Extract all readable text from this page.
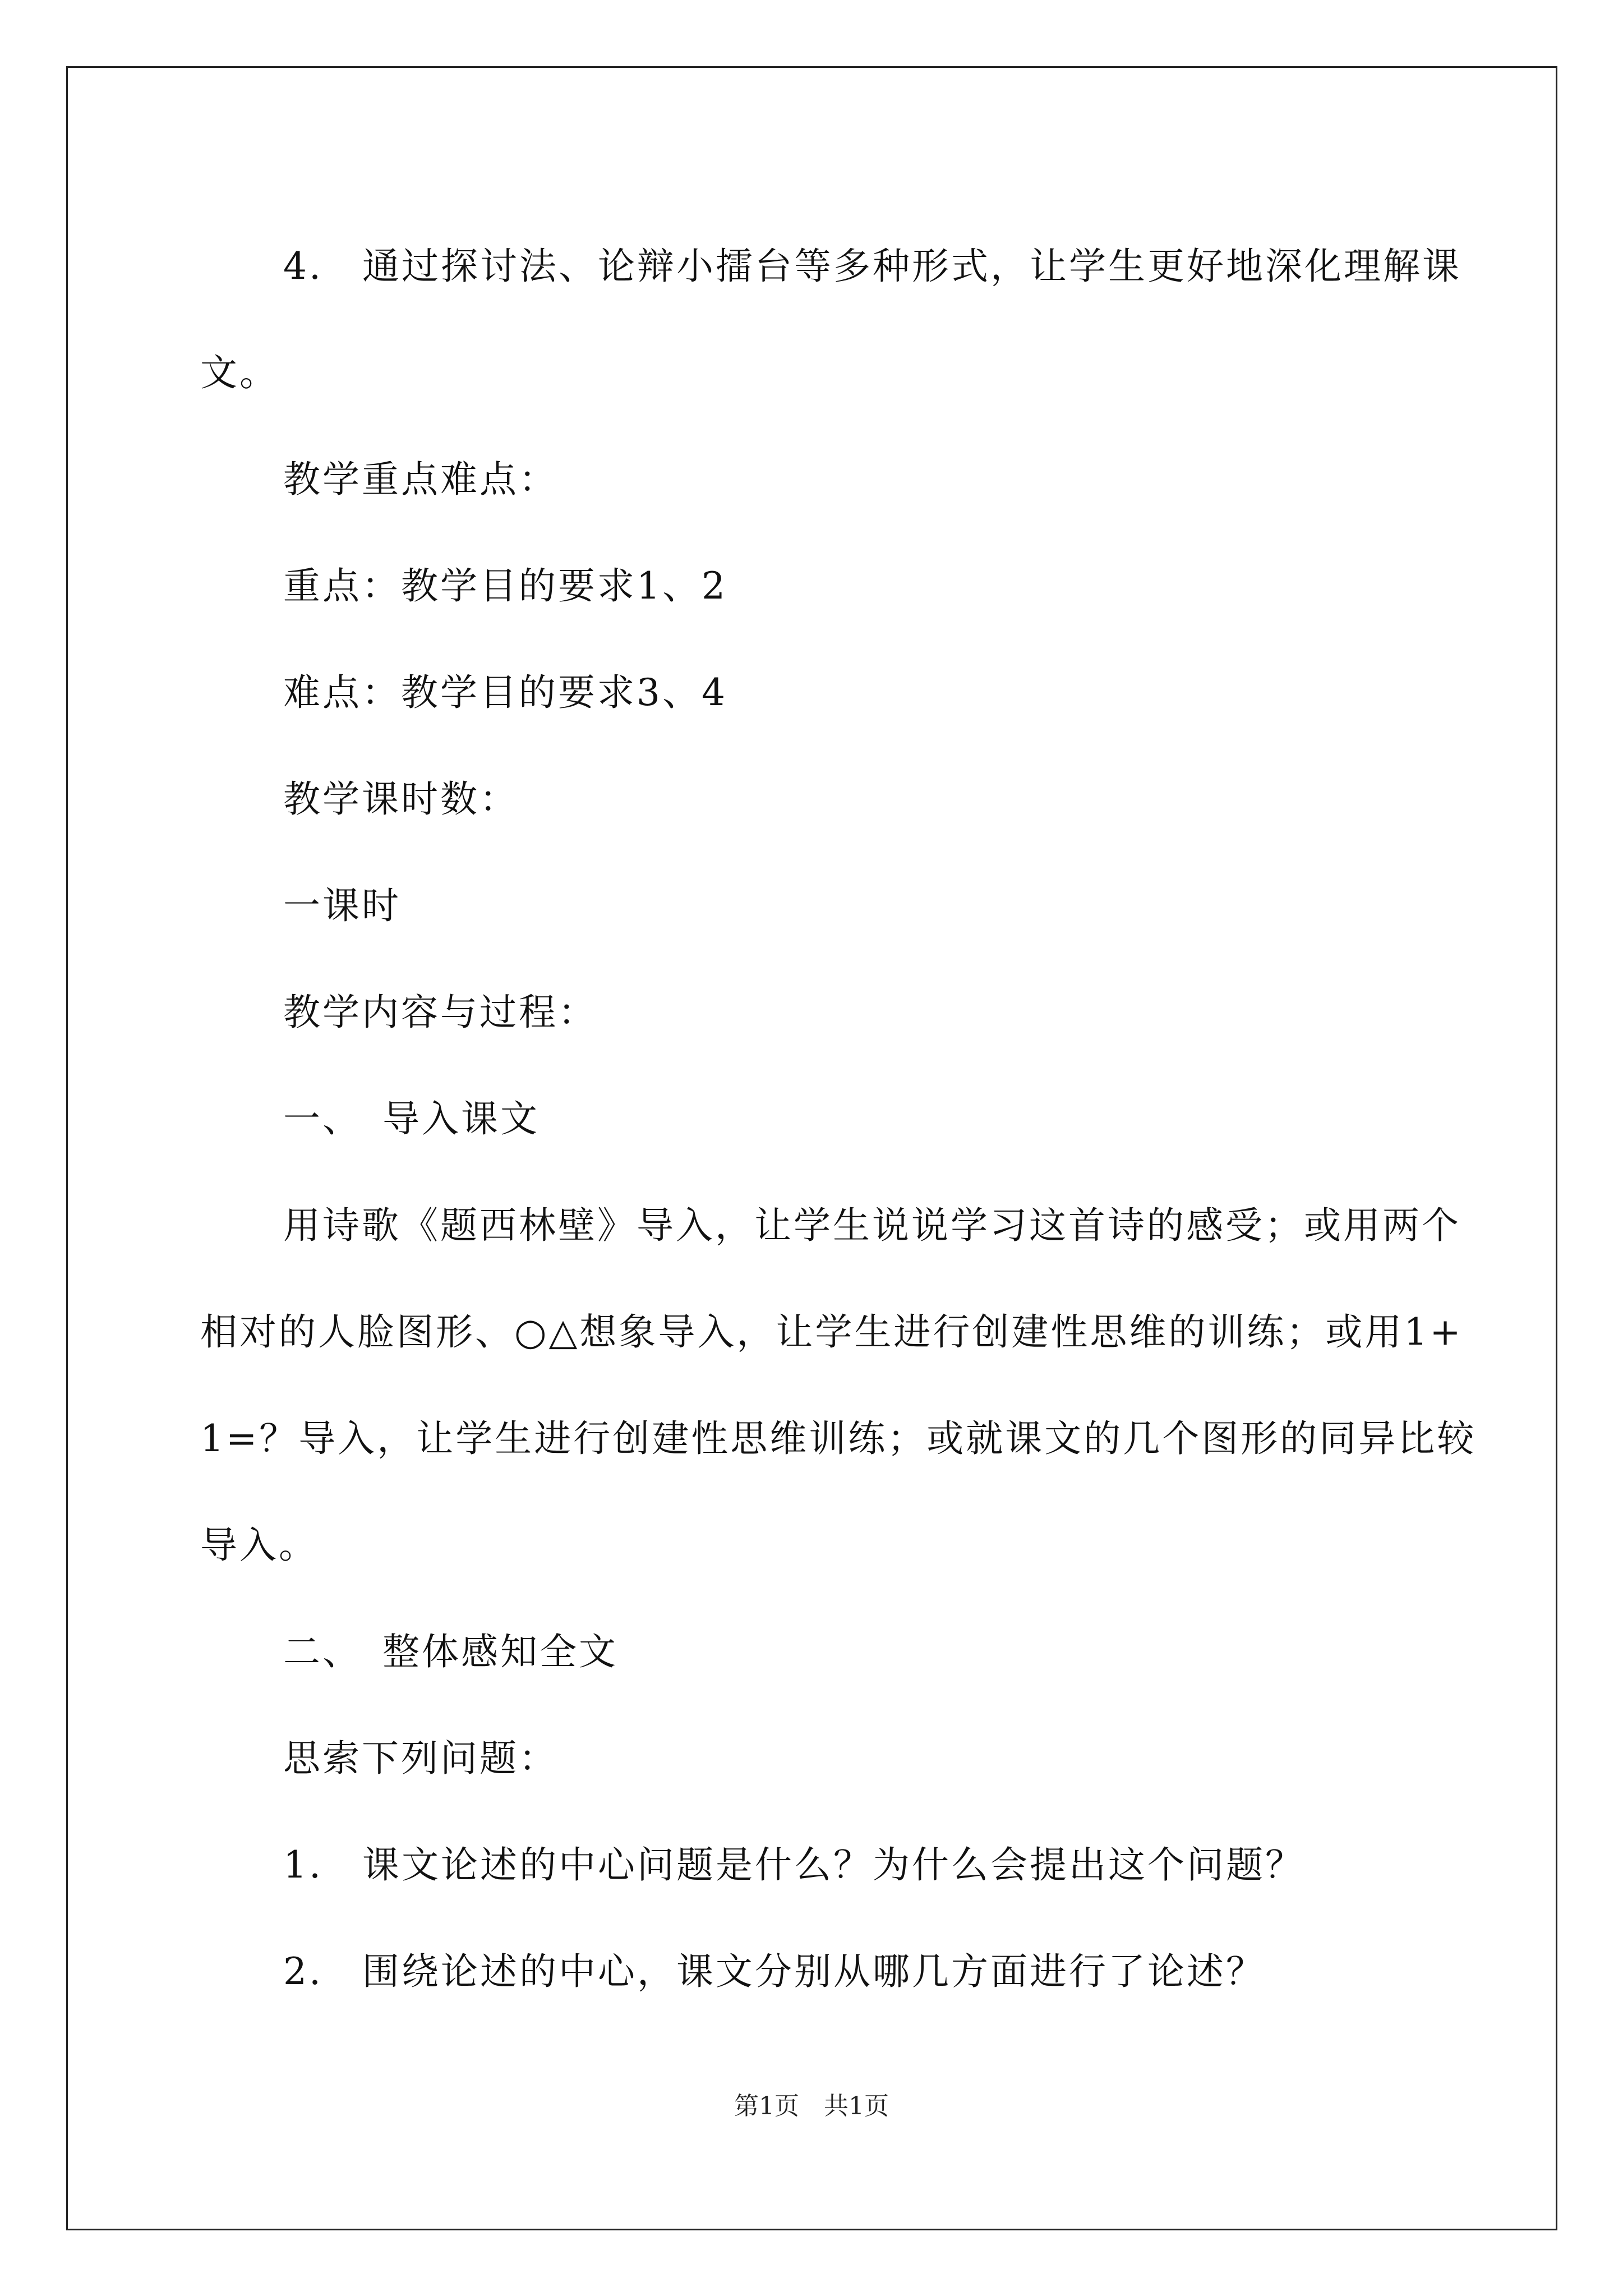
4.　通过探讨法、论辩小擂台等多种形式，让学生更好地深化理解课文。

教学重点难点：

重点：教学目的要求1、2

难点：教学目的要求3、4

教学课时数：

一课时

教学内容与过程：

一、　导入课文

用诗歌《题西林壁》导入，让学生说说学习这首诗的感受；或用两个相对的人脸图形、○△想象导入，让学生进行创建性思维的训练；或用1+1=？导入，让学生进行创建性思维训练；或就课文的几个图形的同异比较导入。

二、　整体感知全文

思索下列问题：

1.　课文论述的中心问题是什么？为什么会提出这个问题？

2.　围绕论述的中心，课文分别从哪几方面进行了论述？

第1页　共1页
